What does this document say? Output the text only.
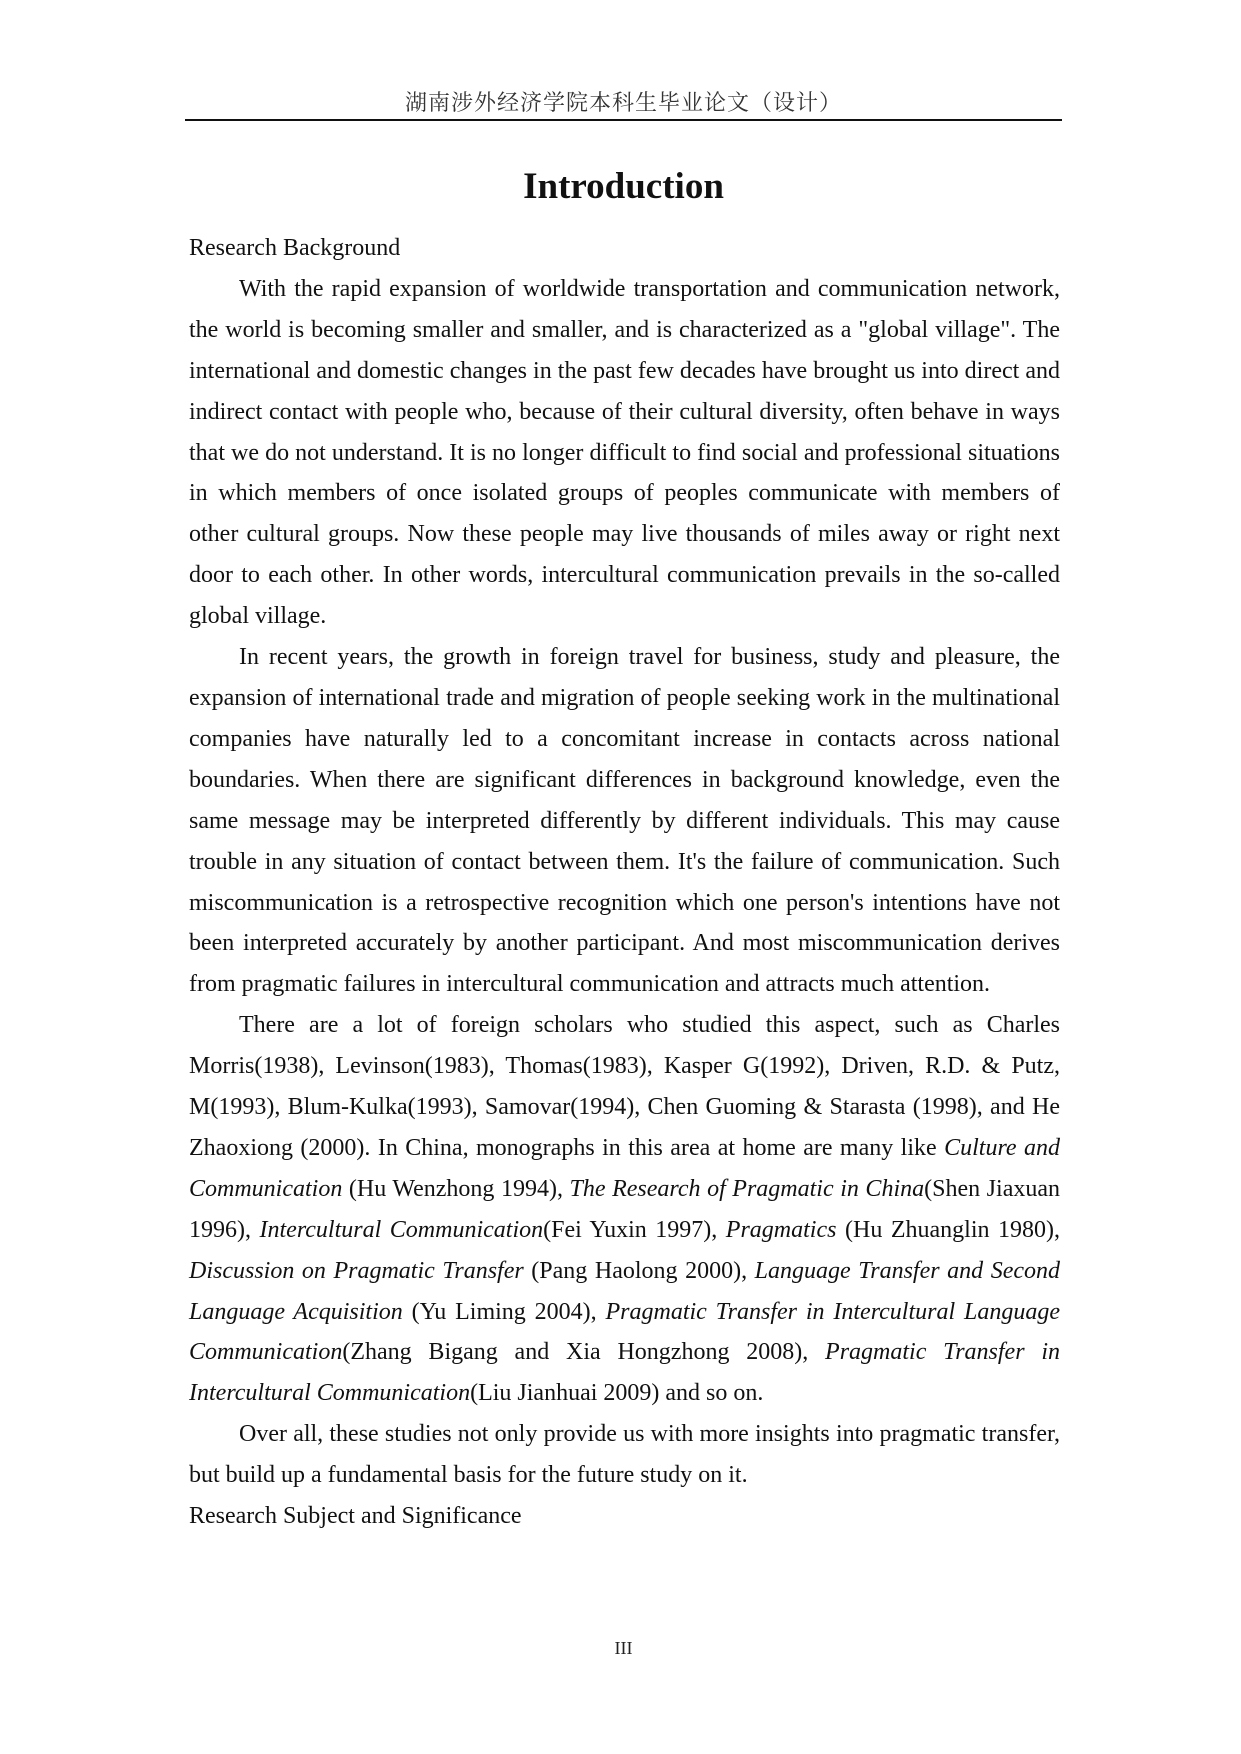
湖南涉外经济学院本科生毕业论文（设计）
Introduction

Research Background

With the rapid expansion of worldwide transportation and communication network, the world is becoming smaller and smaller, and is characterized as a "global village". The international and domestic changes in the past few decades have brought us into direct and indirect contact with people who, because of their cultural diversity, often behave in ways that we do not understand. It is no longer difficult to find social and professional situations in which members of once isolated groups of peoples communicate with members of other cultural groups. Now these people may live thousands of miles away or right next door to each other. In other words, intercultural communication prevails in the so-called global village.

In recent years, the growth in foreign travel for business, study and pleasure, the expansion of international trade and migration of people seeking work in the multinational companies have naturally led to a concomitant increase in contacts across national boundaries. When there are significant differences in background knowledge, even the same message may be interpreted differently by different individuals. This may cause trouble in any situation of contact between them. It's the failure of communication. Such miscommunication is a retrospective recognition which one person's intentions have not been interpreted accurately by another participant. And most miscommunication derives from pragmatic failures in intercultural communication and attracts much attention.

There are a lot of foreign scholars who studied this aspect, such as Charles Morris(1938), Levinson(1983), Thomas(1983), Kasper G(1992), Driven, R.D. & Putz, M(1993), Blum-Kulka(1993), Samovar(1994), Chen Guoming & Starasta (1998), and He Zhaoxiong (2000). In China, monographs in this area at home are many like Culture and Communication (Hu Wenzhong 1994), The Research of Pragmatic in China(Shen Jiaxuan 1996), Intercultural Communication(Fei Yuxin 1997), Pragmatics (Hu Zhuanglin 1980), Discussion on Pragmatic Transfer (Pang Haolong 2000), Language Transfer and Second Language Acquisition (Yu Liming 2004), Pragmatic Transfer in Intercultural Language Communication(Zhang Bigang and Xia Hongzhong 2008), Pragmatic Transfer in Intercultural Communication(Liu Jianhuai 2009) and so on.

Over all, these studies not only provide us with more insights into pragmatic transfer, but build up a fundamental basis for the future study on it.

Research Subject and Significance

III
